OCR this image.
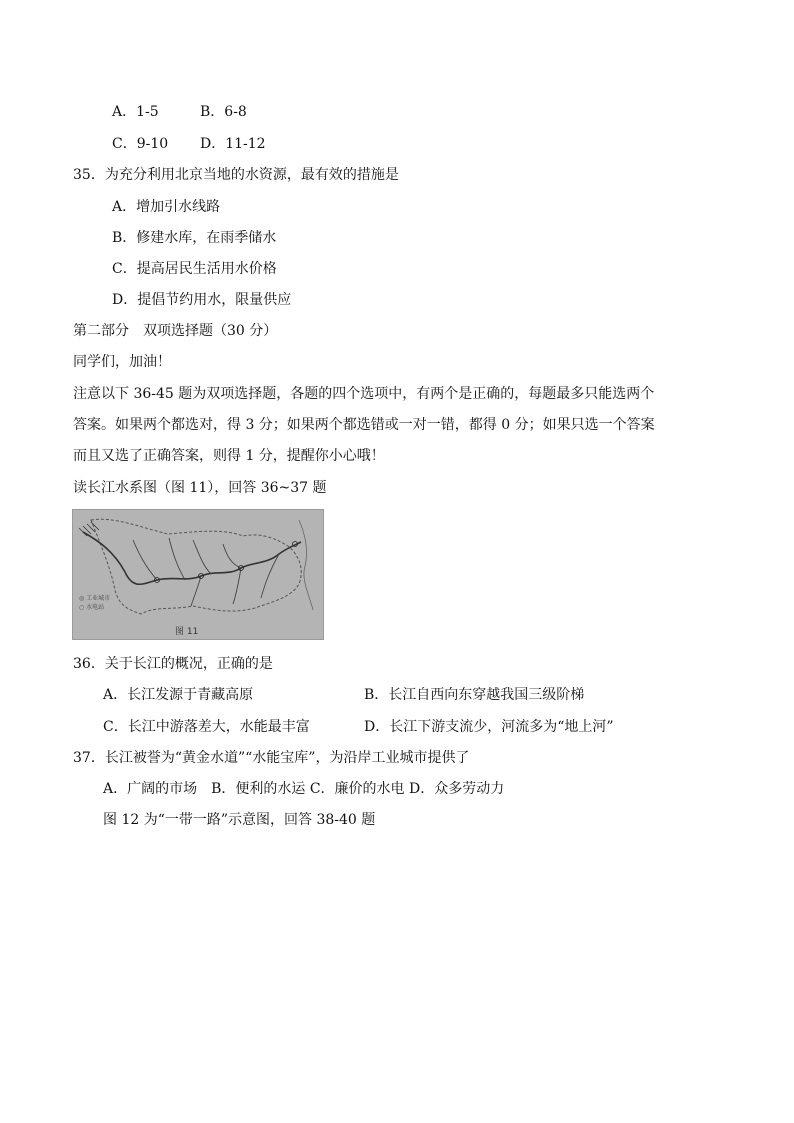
A．1-5	B．6-8
C．9-10 D．11-12
35．为充分利用北京当地的水资源，最有效的措施是
A．增加引水线路
B．修建水库，在雨季储水
C．提高居民生活用水价格
D．提倡节约用水，限量供应
第二部分　双项选择题（30 分）
同学们，加油！
注意以下 36-45 题为双项选择题，各题的四个选项中，有两个是正确的，每题最多只能选两个
答案。如果两个都选对，得 3 分；如果两个都选错或一对一错，都得 0 分；如果只选一个答案
而且又选了正确答案，则得 1 分，提醒你小心哦！
读长江水系图（图 11），回答 36~37 题
◎ 工业城市
○ 水电站
图 11
36．关于长江的概况，正确的是
A．长江发源于青藏高原	B．长江自西向东穿越我国三级阶梯
C．长江中游落差大，水能最丰富	D．长江下游支流少，河流多为“地上河”
37．长江被誉为“黄金水道”“水能宝库”，为沿岸工业城市提供了
A．广阔的市场　B．便利的水运 C．廉价的水电 D．众多劳动力
图 12 为“一带一路”示意图，回答 38-40 题
